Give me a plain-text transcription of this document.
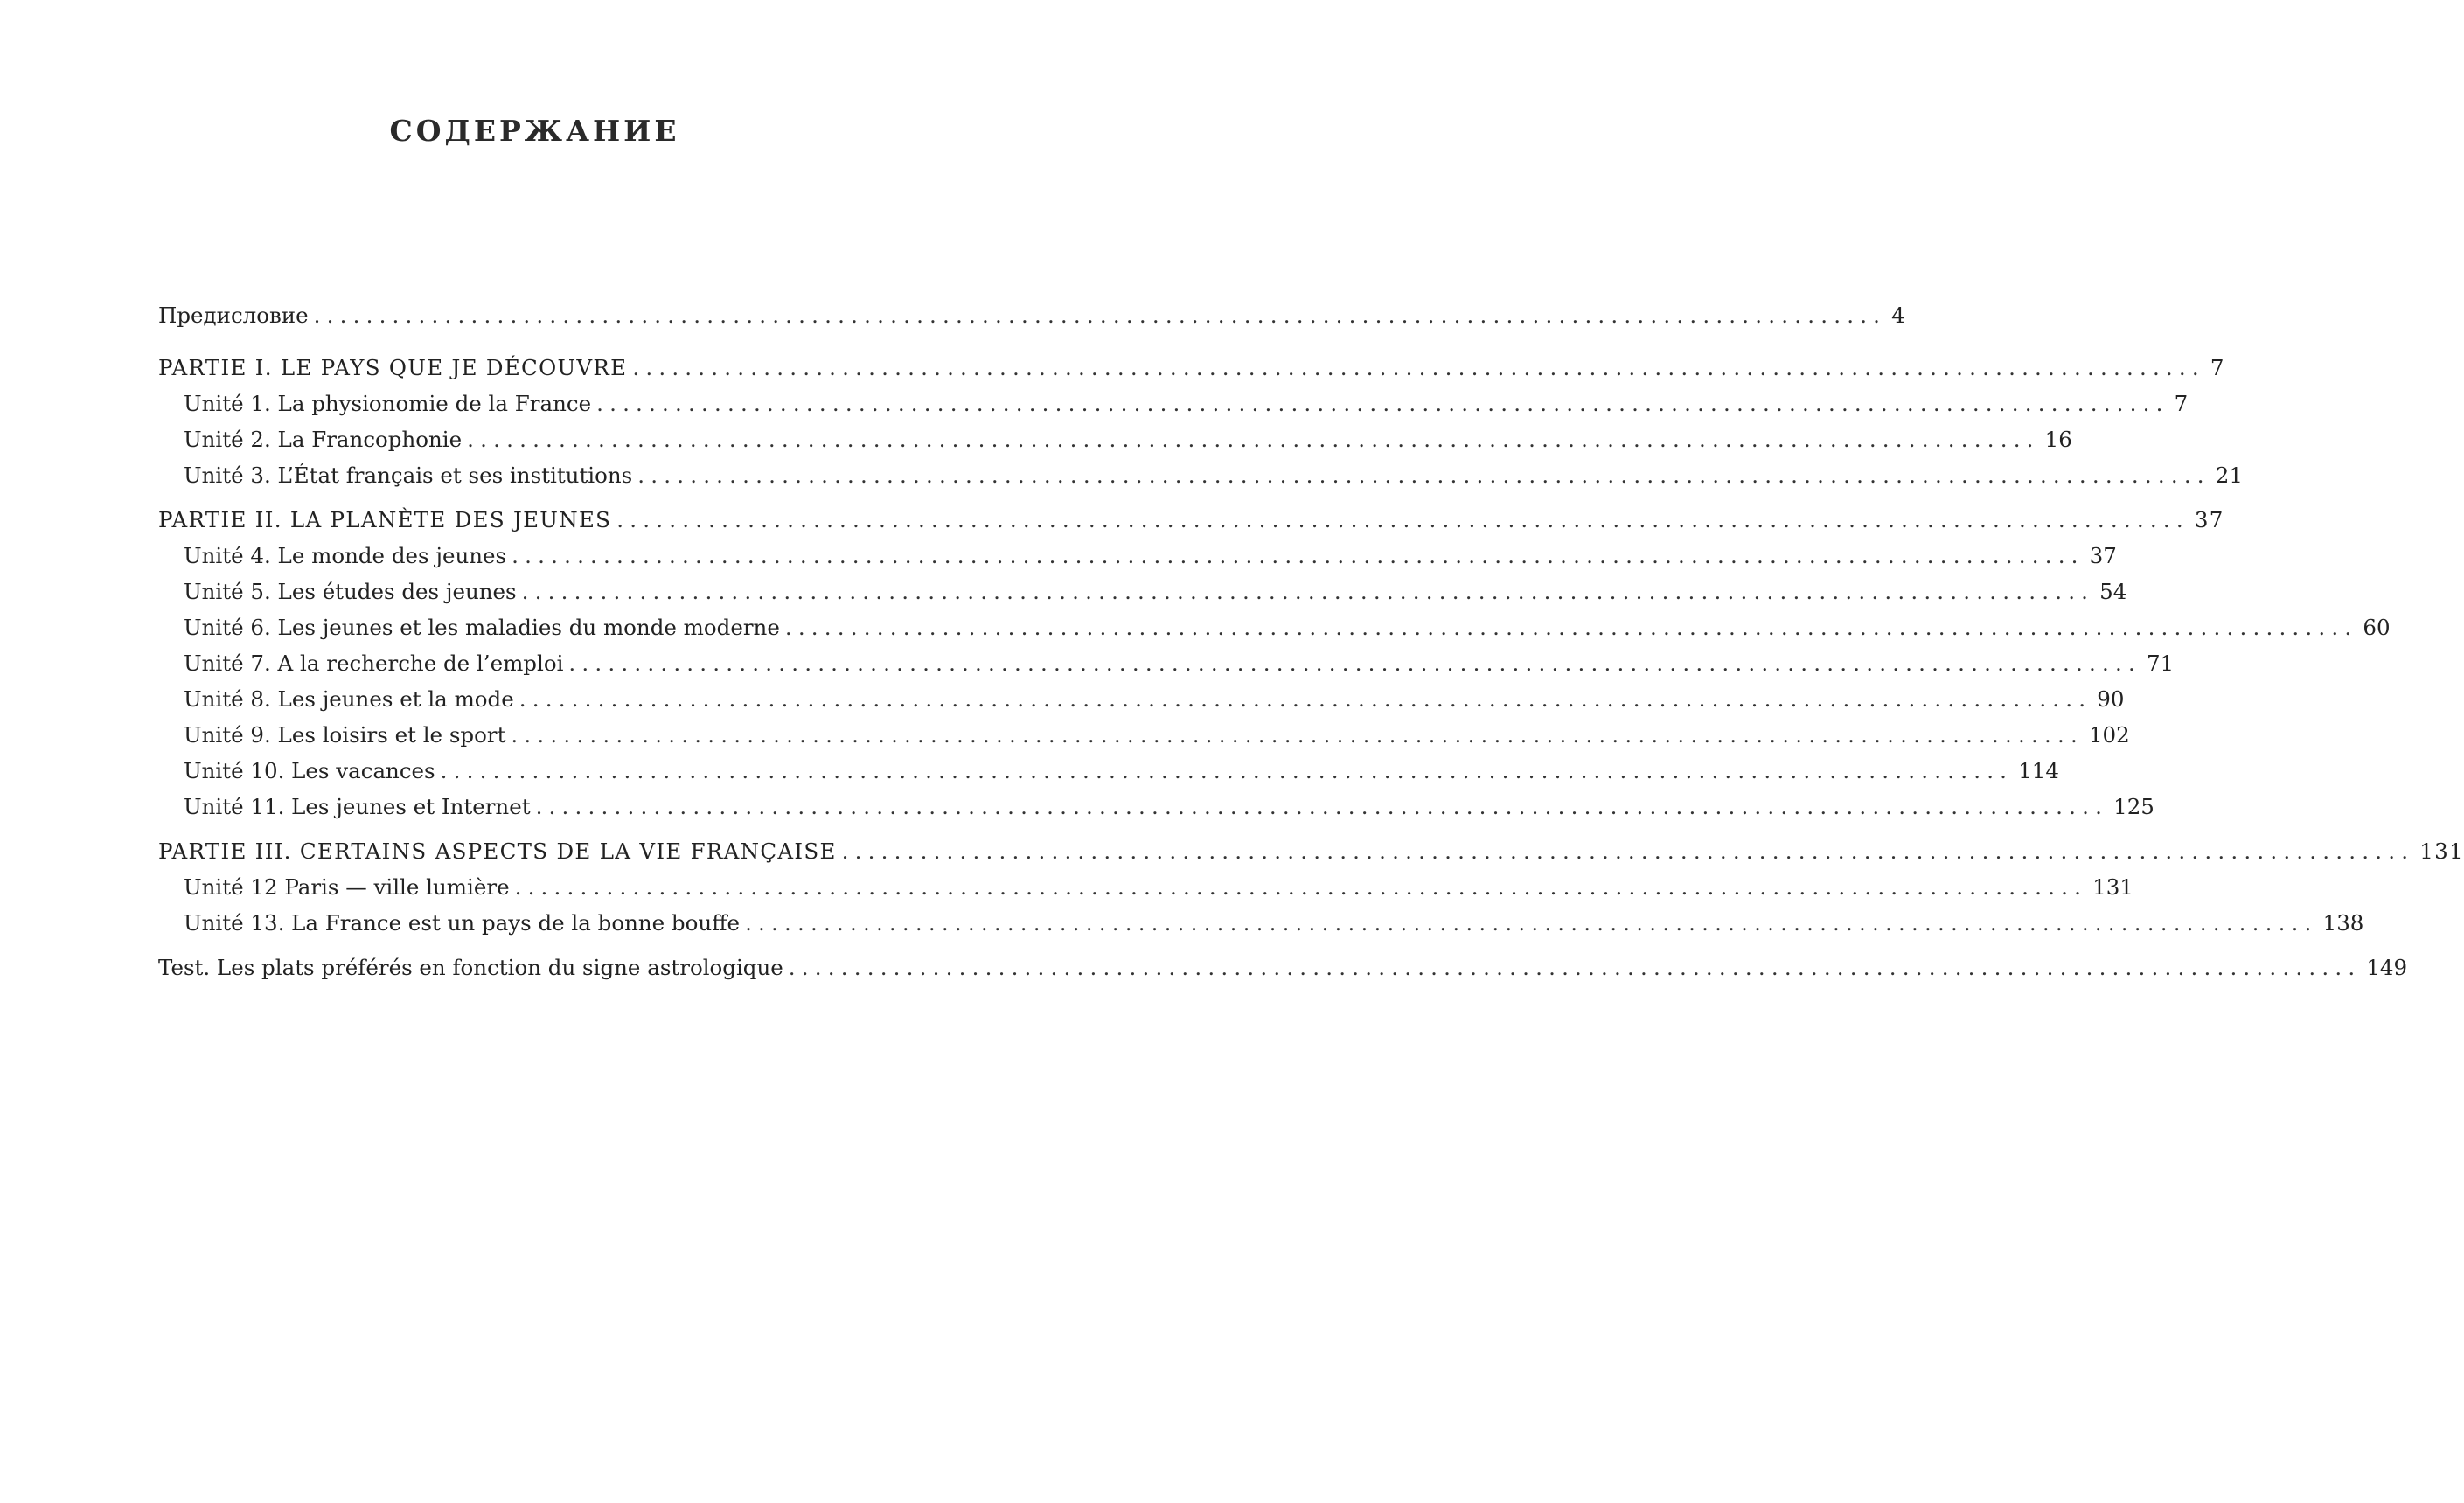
СОДЕРЖАНИЕ
Предисловие ........................................................................................................................ 4
PARTIE I. LE PAYS QUE JE DÉCOUVRE ........................................................................................................................ 7
Unité 1. La physionomie de la France ........................................................................................................................ 7
Unité 2. La Francophonie ........................................................................................................................ 16
Unité 3. L’État français et ses institutions ........................................................................................................................ 21
PARTIE II. LA PLANÈTE DES JEUNES ........................................................................................................................ 37
Unité 4. Le monde des jeunes ........................................................................................................................ 37
Unité 5. Les études des jeunes ........................................................................................................................ 54
Unité 6. Les jeunes et les maladies du monde moderne ........................................................................................................................ 60
Unité 7. A la recherche de l’emploi ........................................................................................................................ 71
Unité 8. Les jeunes et la mode ........................................................................................................................ 90
Unité 9. Les loisirs et le sport ........................................................................................................................ 102
Unité 10. Les vacances ........................................................................................................................ 114
Unité 11. Les jeunes et Internet ........................................................................................................................ 125
PARTIE III. CERTAINS ASPECTS DE LA VIE FRANÇAISE ........................................................................................................................ 131
Unité 12 Paris — ville lumière ........................................................................................................................ 131
Unité 13. La France est un pays de la bonne bouffe ........................................................................................................................ 138
Test. Les plats préférés en fonction du signe astrologique ........................................................................................................................ 149
